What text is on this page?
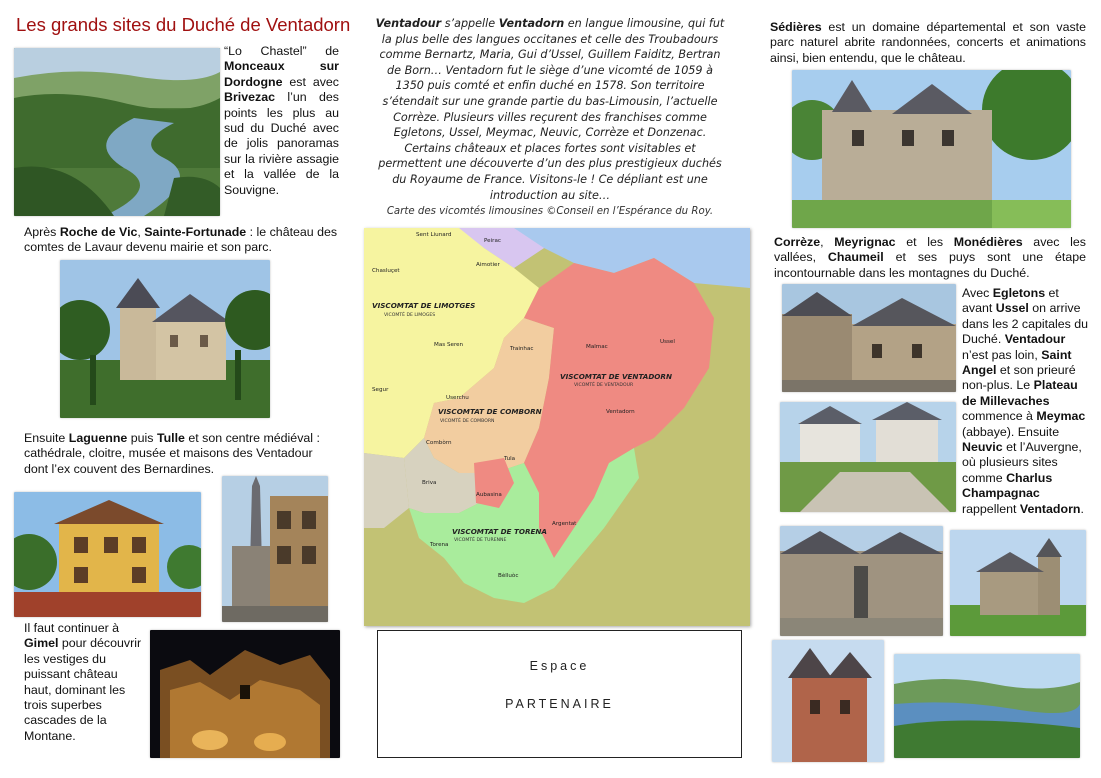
Les grands sites du Duché de Ventadorn
“Lo Chastel” de Monceaux sur Dordogne est avec Brivezac l’un des points les plus au sud du Duché avec de jolis panoramas sur la rivière assagie et la vallée de la Souvigne.
Après Roche de Vic, Sainte-Fortunade : le château des comtes de Lavaur devenu mairie et son parc.
Ensuite Laguenne puis Tulle et son centre médiéval : cathédrale, cloitre, musée et maisons des Ventadour dont l’ex couvent des Bernardines.
Il faut continuer à Gimel pour découvrir les vestiges du puissant château haut, dominant les trois superbes cascades de la Montane.
Ventadour s’appelle Ventadorn en langue limousine, qui fut la plus belle des langues occitanes et celle des Troubadours comme Bernartz, Maria, Gui d’Ussel, Guillem Faiditz, Bertran de Born… Ventadorn fut le siège d’une vicomté de 1059 à 1350 puis comté et enfin duché en 1578. Son territoire s’étendait sur une grande partie du bas-Limousin, l’actuelle Corrèze. Plusieurs villes reçurent des franchises comme Egletons, Ussel, Meymac, Neuvic, Corrèze et Donzenac. Certains châteaux et places fortes sont visitables et permettent une découverte d’un des plus prestigieux duchés du Royaume de France. Visitons-le ! Ce dépliant est une introduction au site…
Carte des vicomtés limousines ©Conseil en l’Espérance du Roy.
VISCOMTAT DE LIMOTGES
VICOMTÉ DE LIMOGES
VISCOMTAT DE VENTADORN
VICOMTÉ DE VENTADOUR
VISCOMTAT DE COMBORN
VICOMTÉ DE COMBORN
VISCOMTAT DE TORENA
VICOMTÉ DE TURENNE
Sent Liunard
Peirac
Chasluçet
Aimotier
Mas Seren
Trainhac	Malmac
Ussel
Segur
Userchu
Ventadorn
Combòrn
Tula
Aubasina
Briva
Argentat
Torena
Bèlluòc
Espace
PARTENAIRE
Sédières est un domaine départemental et son vaste parc naturel abrite randonnées, concerts et animations ainsi, bien entendu, que le château.
Corrèze, Meyrignac et les Monédières avec les vallées, Chaumeil et ses puys sont une étape incontournable dans les montagnes du Duché.
Avec Egletons et avant Ussel on arrive dans les 2 capitales du Duché. Ventadour n’est pas loin, Saint Angel et son prieuré non-plus. Le Plateau de Millevaches commence à Meymac (abbaye). Ensuite Neuvic et l’Auvergne, où plusieurs sites comme Charlus Champagnac rappellent Ventadorn.
